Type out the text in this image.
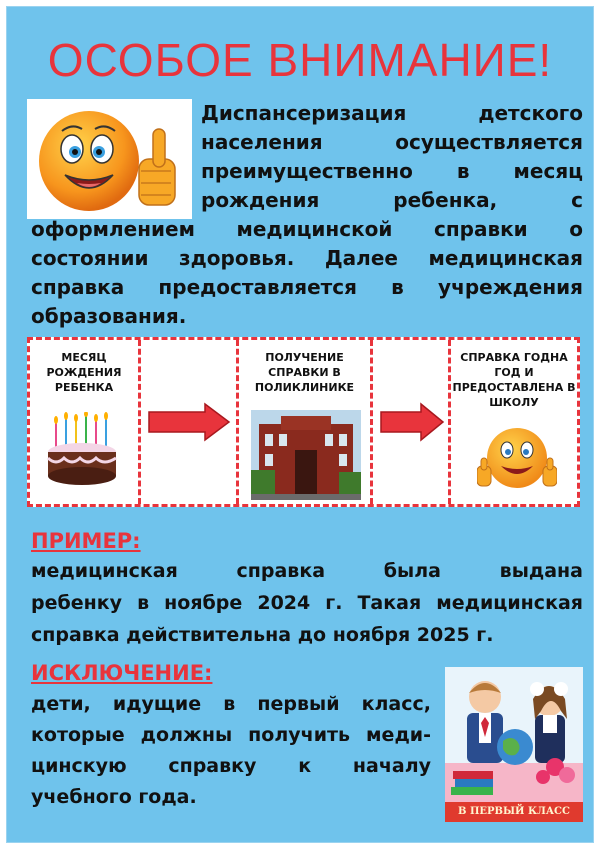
ОСОБОЕ ВНИМАНИЕ!
Диспансеризация детского населения осуществляется преимущественно в месяц рождения ребенка, с оформлением медицинской справки о состоянии здоровья. Далее медицинская справка предоставляется в учреждения образования.
МЕСЯЦ РОЖДЕНИЯ РЕБЕНКА
ПОЛУЧЕНИЕ СПРАВКИ В ПОЛИКЛИНИКЕ
СПРАВКА ГОДНА ГОД И ПРЕДОСТАВЛЕНА В ШКОЛУ
ПРИМЕР:
медицинская справка была выдана
ребенку в ноябре 2024 г. Такая медицинская
справка действительна до ноября 2025 г.
ИСКЛЮЧЕНИЕ:
дети, идущие в первый класс,
которые должны получить меди-
цинскую справку к началу
учебного года.
В ПЕРВЫЙ КЛАСС
